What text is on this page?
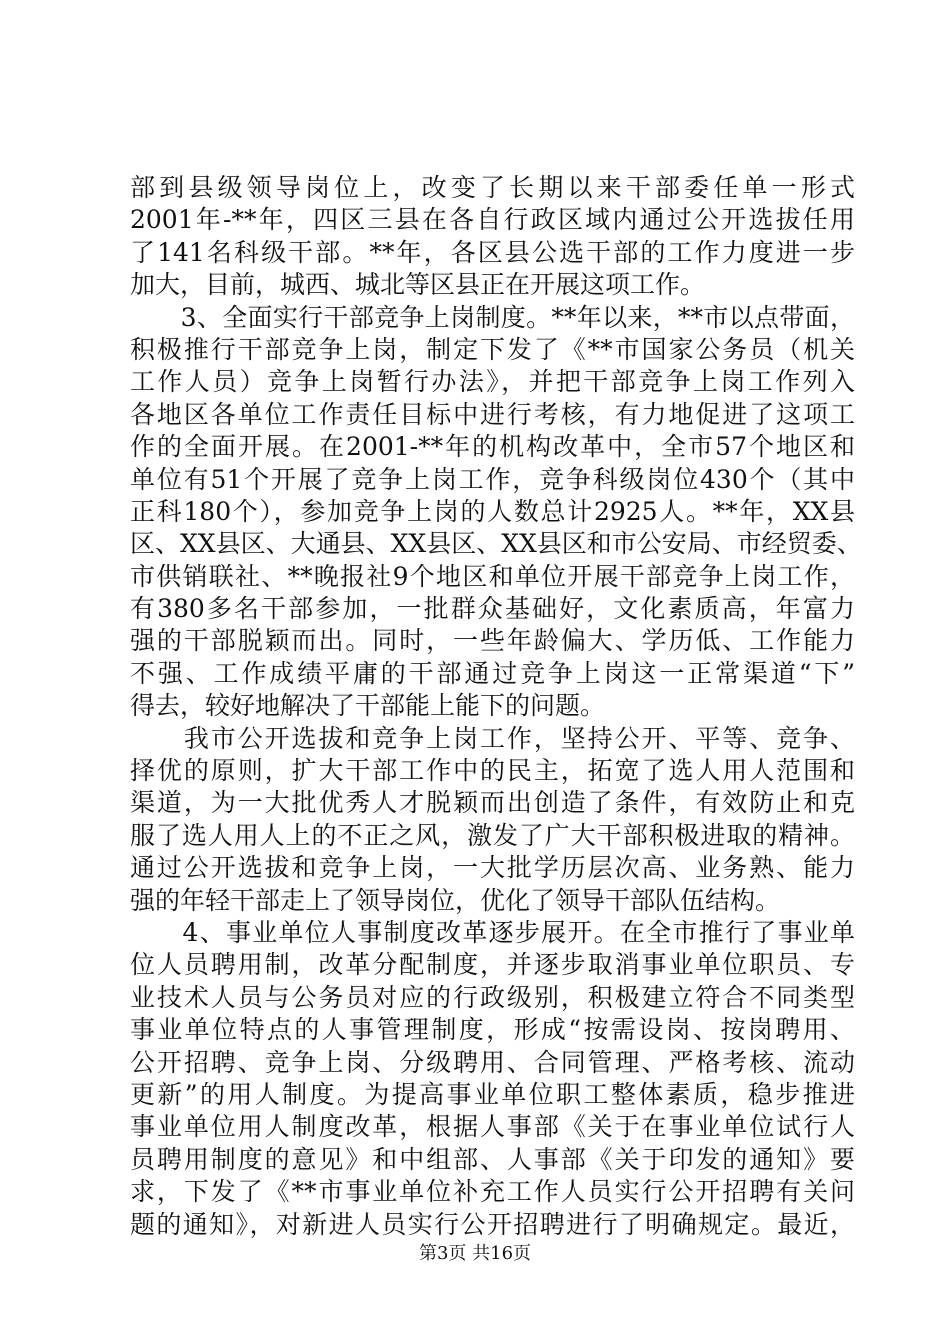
部到县级领导岗位上，改变了长期以来干部委任单一形式
2001年-**年，四区三县在各自行政区域内通过公开选拔任用
了141名科级干部。**年，各区县公选干部的工作力度进一步
加大，目前，城西、城北等区县正在开展这项工作。
　　3、全面实行干部竞争上岗制度。**年以来，**市以点带面，
积极推行干部竞争上岗，制定下发了《**市国家公务员（机关
工作人员）竞争上岗暂行办法》，并把干部竞争上岗工作列入
各地区各单位工作责任目标中进行考核，有力地促进了这项工
作的全面开展。在2001-**年的机构改革中，全市57个地区和
单位有51个开展了竞争上岗工作，竞争科级岗位430个（其中
正科180个），参加竞争上岗的人数总计2925人。**年，XX县
区、XX县区、大通县、XX县区、XX县区和市公安局、市经贸委、
市供销联社、**晚报社9个地区和单位开展干部竞争上岗工作，
有380多名干部参加，一批群众基础好，文化素质高，年富力
强的干部脱颖而出。同时，一些年龄偏大、学历低、工作能力
不强、工作成绩平庸的干部通过竞争上岗这一正常渠道“下”
得去，较好地解决了干部能上能下的问题。
　　我市公开选拔和竞争上岗工作，坚持公开、平等、竞争、
择优的原则，扩大干部工作中的民主，拓宽了选人用人范围和
渠道，为一大批优秀人才脱颖而出创造了条件，有效防止和克
服了选人用人上的不正之风，激发了广大干部积极进取的精神。
通过公开选拔和竞争上岗，一大批学历层次高、业务熟、能力
强的年轻干部走上了领导岗位，优化了领导干部队伍结构。
　　4、事业单位人事制度改革逐步展开。在全市推行了事业单
位人员聘用制，改革分配制度，并逐步取消事业单位职员、专
业技术人员与公务员对应的行政级别，积极建立符合不同类型
事业单位特点的人事管理制度，形成“按需设岗、按岗聘用、
公开招聘、竞争上岗、分级聘用、合同管理、严格考核、流动
更新”的用人制度。为提高事业单位职工整体素质，稳步推进
事业单位用人制度改革，根据人事部《关于在事业单位试行人
员聘用制度的意见》和中组部、人事部《关于印发的通知》要
求，下发了《**市事业单位补充工作人员实行公开招聘有关问
题的通知》，对新进人员实行公开招聘进行了明确规定。最近，
第3页 共16页
